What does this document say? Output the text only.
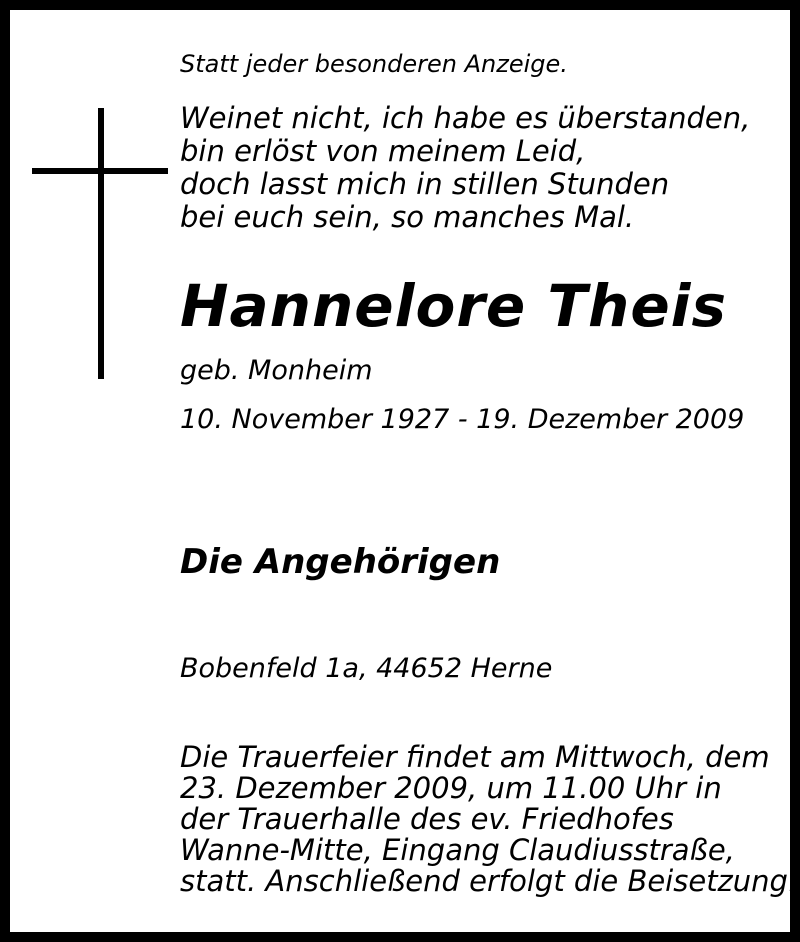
Statt jeder besonderen Anzeige.

Weinet nicht, ich habe es überstanden,

bin erlöst von meinem Leid,

doch lasst mich in stillen Stunden

bei euch sein, so manches Mal.

Hannelore Theis

geb. Monheim

10. November 1927 - 19. Dezember 2009

Die Angehörigen

Bobenfeld 1a, 44652 Herne

Die Trauerfeier findet am Mittwoch, dem

23. Dezember 2009, um 11.00 Uhr in

der Trauerhalle des ev. Friedhofes

Wanne-Mitte, Eingang Claudiusstraße,

statt. Anschließend erfolgt die Beisetzung.
